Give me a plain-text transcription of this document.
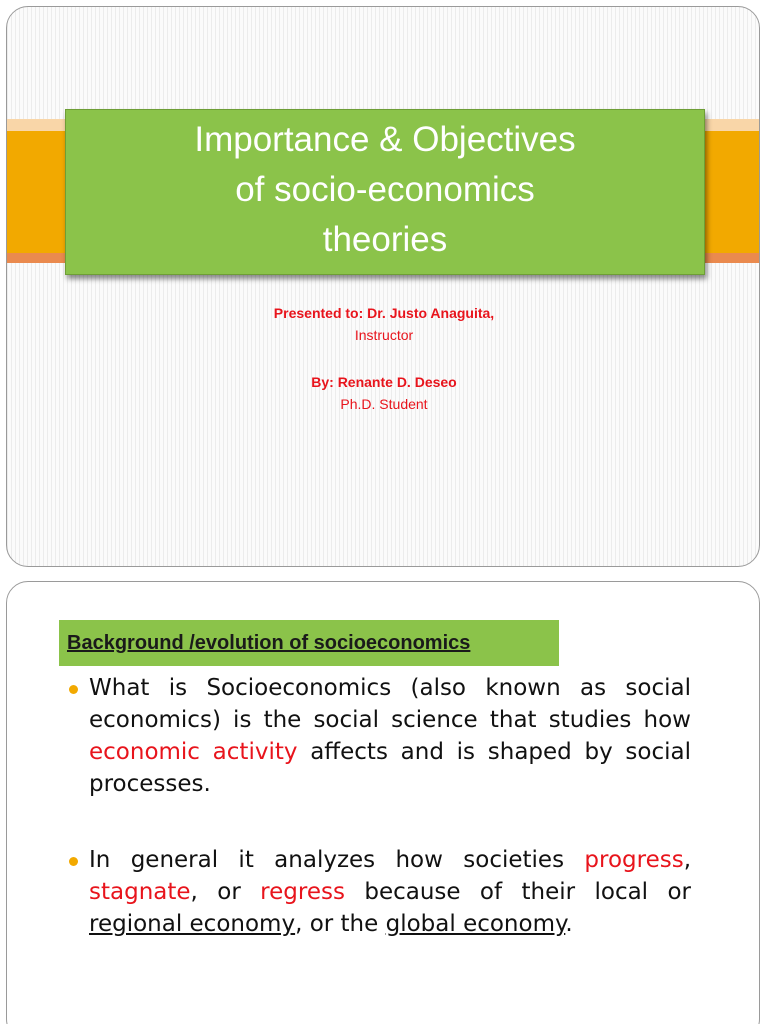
Importance & Objectives
of socio-economics
theories
Presented to: Dr. Justo Anaguita,
Instructor
By: Renante D. Deseo
Ph.D. Student
Background /evolution of socioeconomics
What is Socioeconomics (also known as social economics) is the social science that studies how economic activity affects and is shaped by social processes.
In general it analyzes how societies progress, stagnate, or regress because of their local or regional economy, or the global economy.
